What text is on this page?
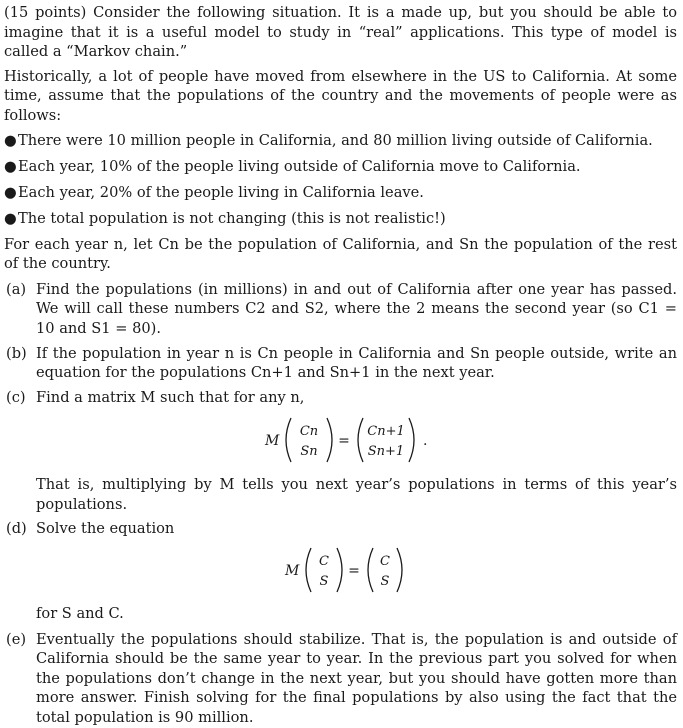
(15 points) Consider the following situation. It is a made up, but you should be able to imagine that it is a useful model to study in “real” applications. This type of model is called a “Markov chain.”

Historically, a lot of people have moved from elsewhere in the US to California. At some time, assume that the populations of the country and the movements of people were as follows:

● There were 10 million people in California, and 80 million living outside of California.
● Each year, 10% of the people living outside of California move to California.
● Each year, 20% of the people living in California leave.
● The total population is not changing (this is not realistic!)

For each year n, let Cn be the population of California, and Sn the population of the rest of the country.

(a) Find the populations (in millions) in and out of California after one year has passed. We will call these numbers C2 and S2, where the 2 means the second year (so C1 = 10 and S1 = 80).

(b) If the population in year n is Cn people in California and Sn people outside, write an equation for the populations Cn+1 and Sn+1 in the next year.

(c) Find a matrix M such that for any n,

M
Cn
Sn
=
Cn+1
Sn+1
.

That is, multiplying by M tells you next year’s populations in terms of this year’s populations.

(d) Solve the equation

M
C
S
=
C
S

for S and C.

(e) Eventually the populations should stabilize. That is, the population is and outside of California should be the same year to year. In the previous part you solved for when the populations don’t change in the next year, but you should have gotten more than more answer. Finish solving for the final populations by also using the fact that the total population is 90 million.
